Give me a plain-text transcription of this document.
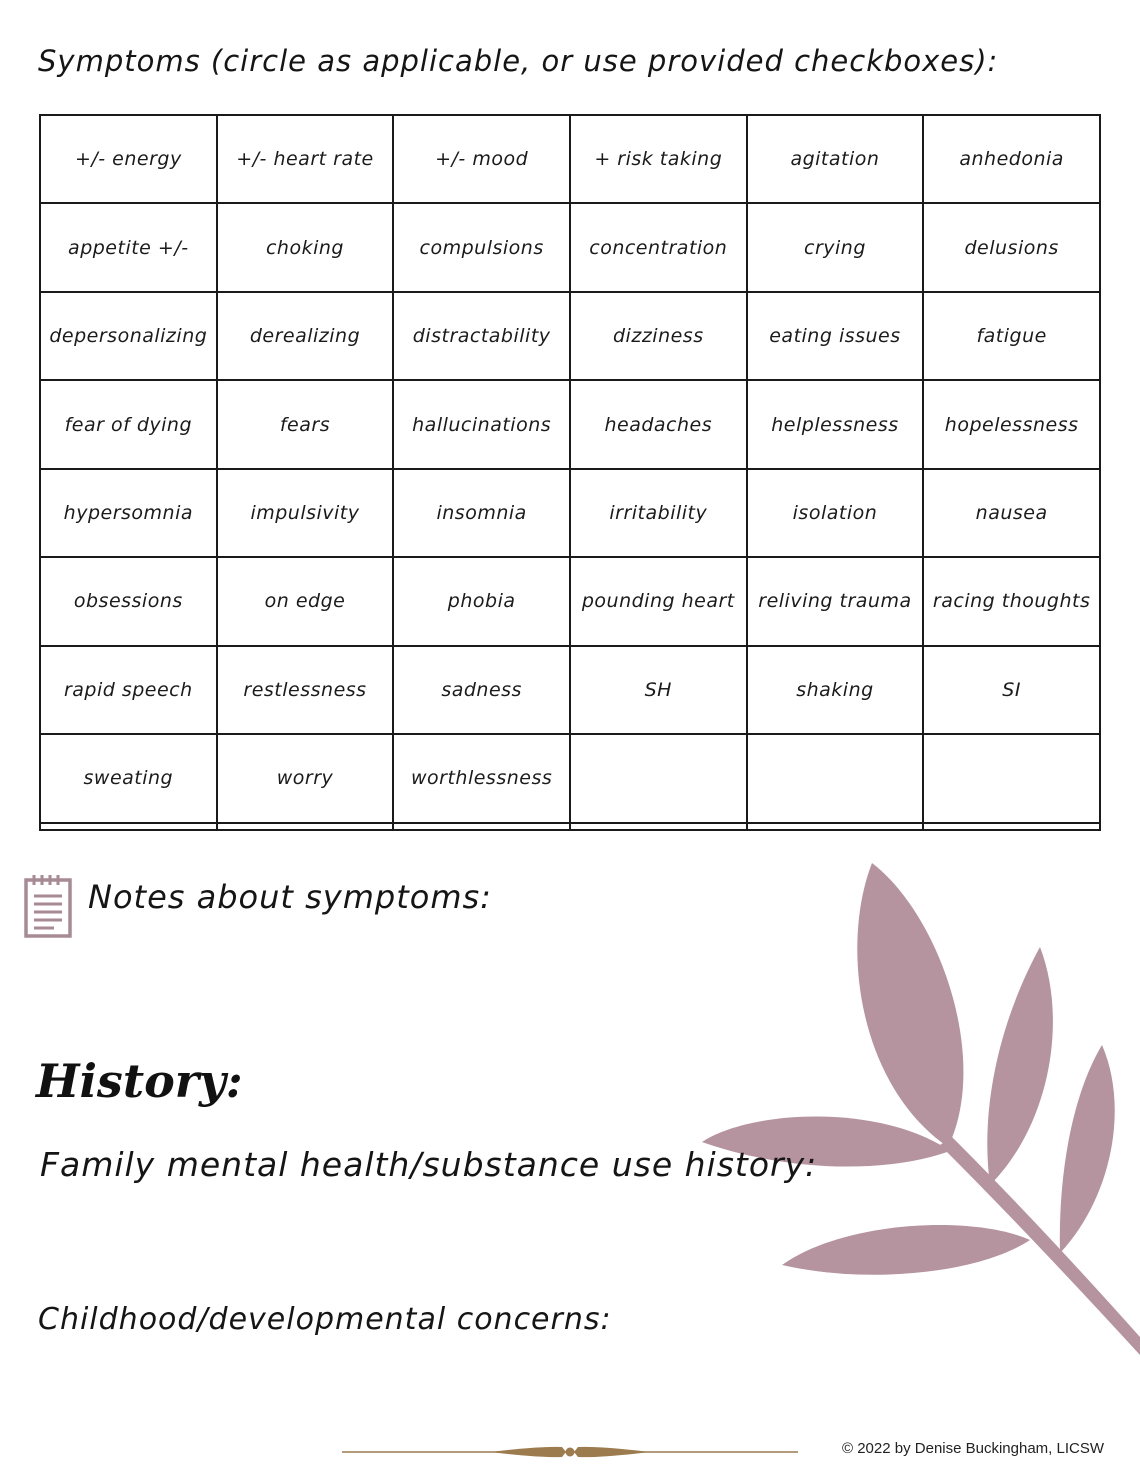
Symptoms (circle as applicable, or use provided checkboxes):
+/- energy	+/- heart rate	+/- mood	+ risk taking	agitation	anhedonia
appetite +/-	choking	compulsions	concentration	crying	delusions
depersonalizing	derealizing	distractability	dizziness	eating issues	fatigue
fear of dying	fears	hallucinations	headaches	helplessness	hopelessness
hypersomnia	impulsivity	insomnia	irritability	isolation	nausea
obsessions	on edge	phobia	pounding heart	reliving trauma	racing thoughts
rapid speech	restlessness	sadness	SH	shaking	SI
sweating	worry	worthlessness			

Notes about symptoms:
History:
Family mental health/substance use history:
Childhood/developmental concerns:
© 2022 by Denise Buckingham, LICSW
